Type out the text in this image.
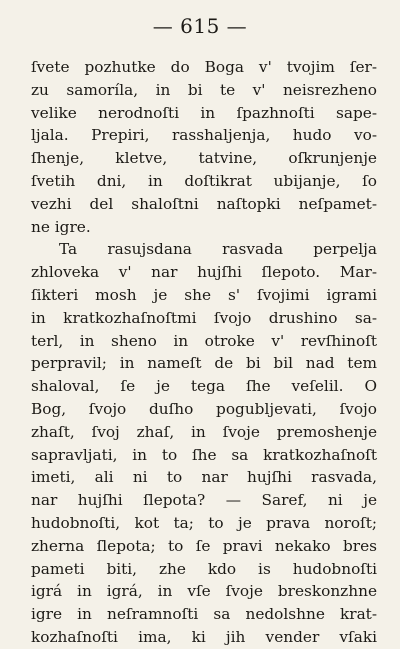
— 615 —
ſvete pozhutke do Boga v' tvojim ſer-
zu samoríla, in bi te v' neisrezheno
velike nerodnoſti in ſpazhnoſti sape-
ljala. Prepiri, rasshaljenja, hudo vo-
ſhenje, kletve, tatvine, oſkrunjenje
ſvetih dni, in doſtikrat ubijanje, ſo
vezhi del shaloſtni naſtopki neſpamet-
ne igre.
Ta rasujsdana rasvada perpelja
zhloveka v' nar hujſhi ſlepoto. Mar-
ſikteri mosh je she s' ſvojimi igrami
in kratkozhaſnoſtmi ſvojo drushino sa-
terl, in sheno in otroke v' revſhinoſt
perpravil; in nameſt de bi bil nad tem
shaloval, ſe je tega ſhe veſelil. O
Bog, ſvojo duſho pogubljevati, ſvojo
zhaſt, ſvoj zhaſ, in ſvoje premoshenje
sapravljati, in to ſhe sa kratkozhaſnoſt
imeti, ali ni to nar hujſhi rasvada,
nar hujſhi ſlepota? — Saref, ni je
hudobnoſti, kot ta; to je prava noroſt;
zherna ſlepota; to ſe pravi nekako bres
pameti biti, zhe kdo is hudobnoſti
igrá in igrá, in vſe ſvoje breskonzhne
igre in neſramnoſti sa nedolshne krat-
kozhaſnoſti ima, ki jih vender vſaki
